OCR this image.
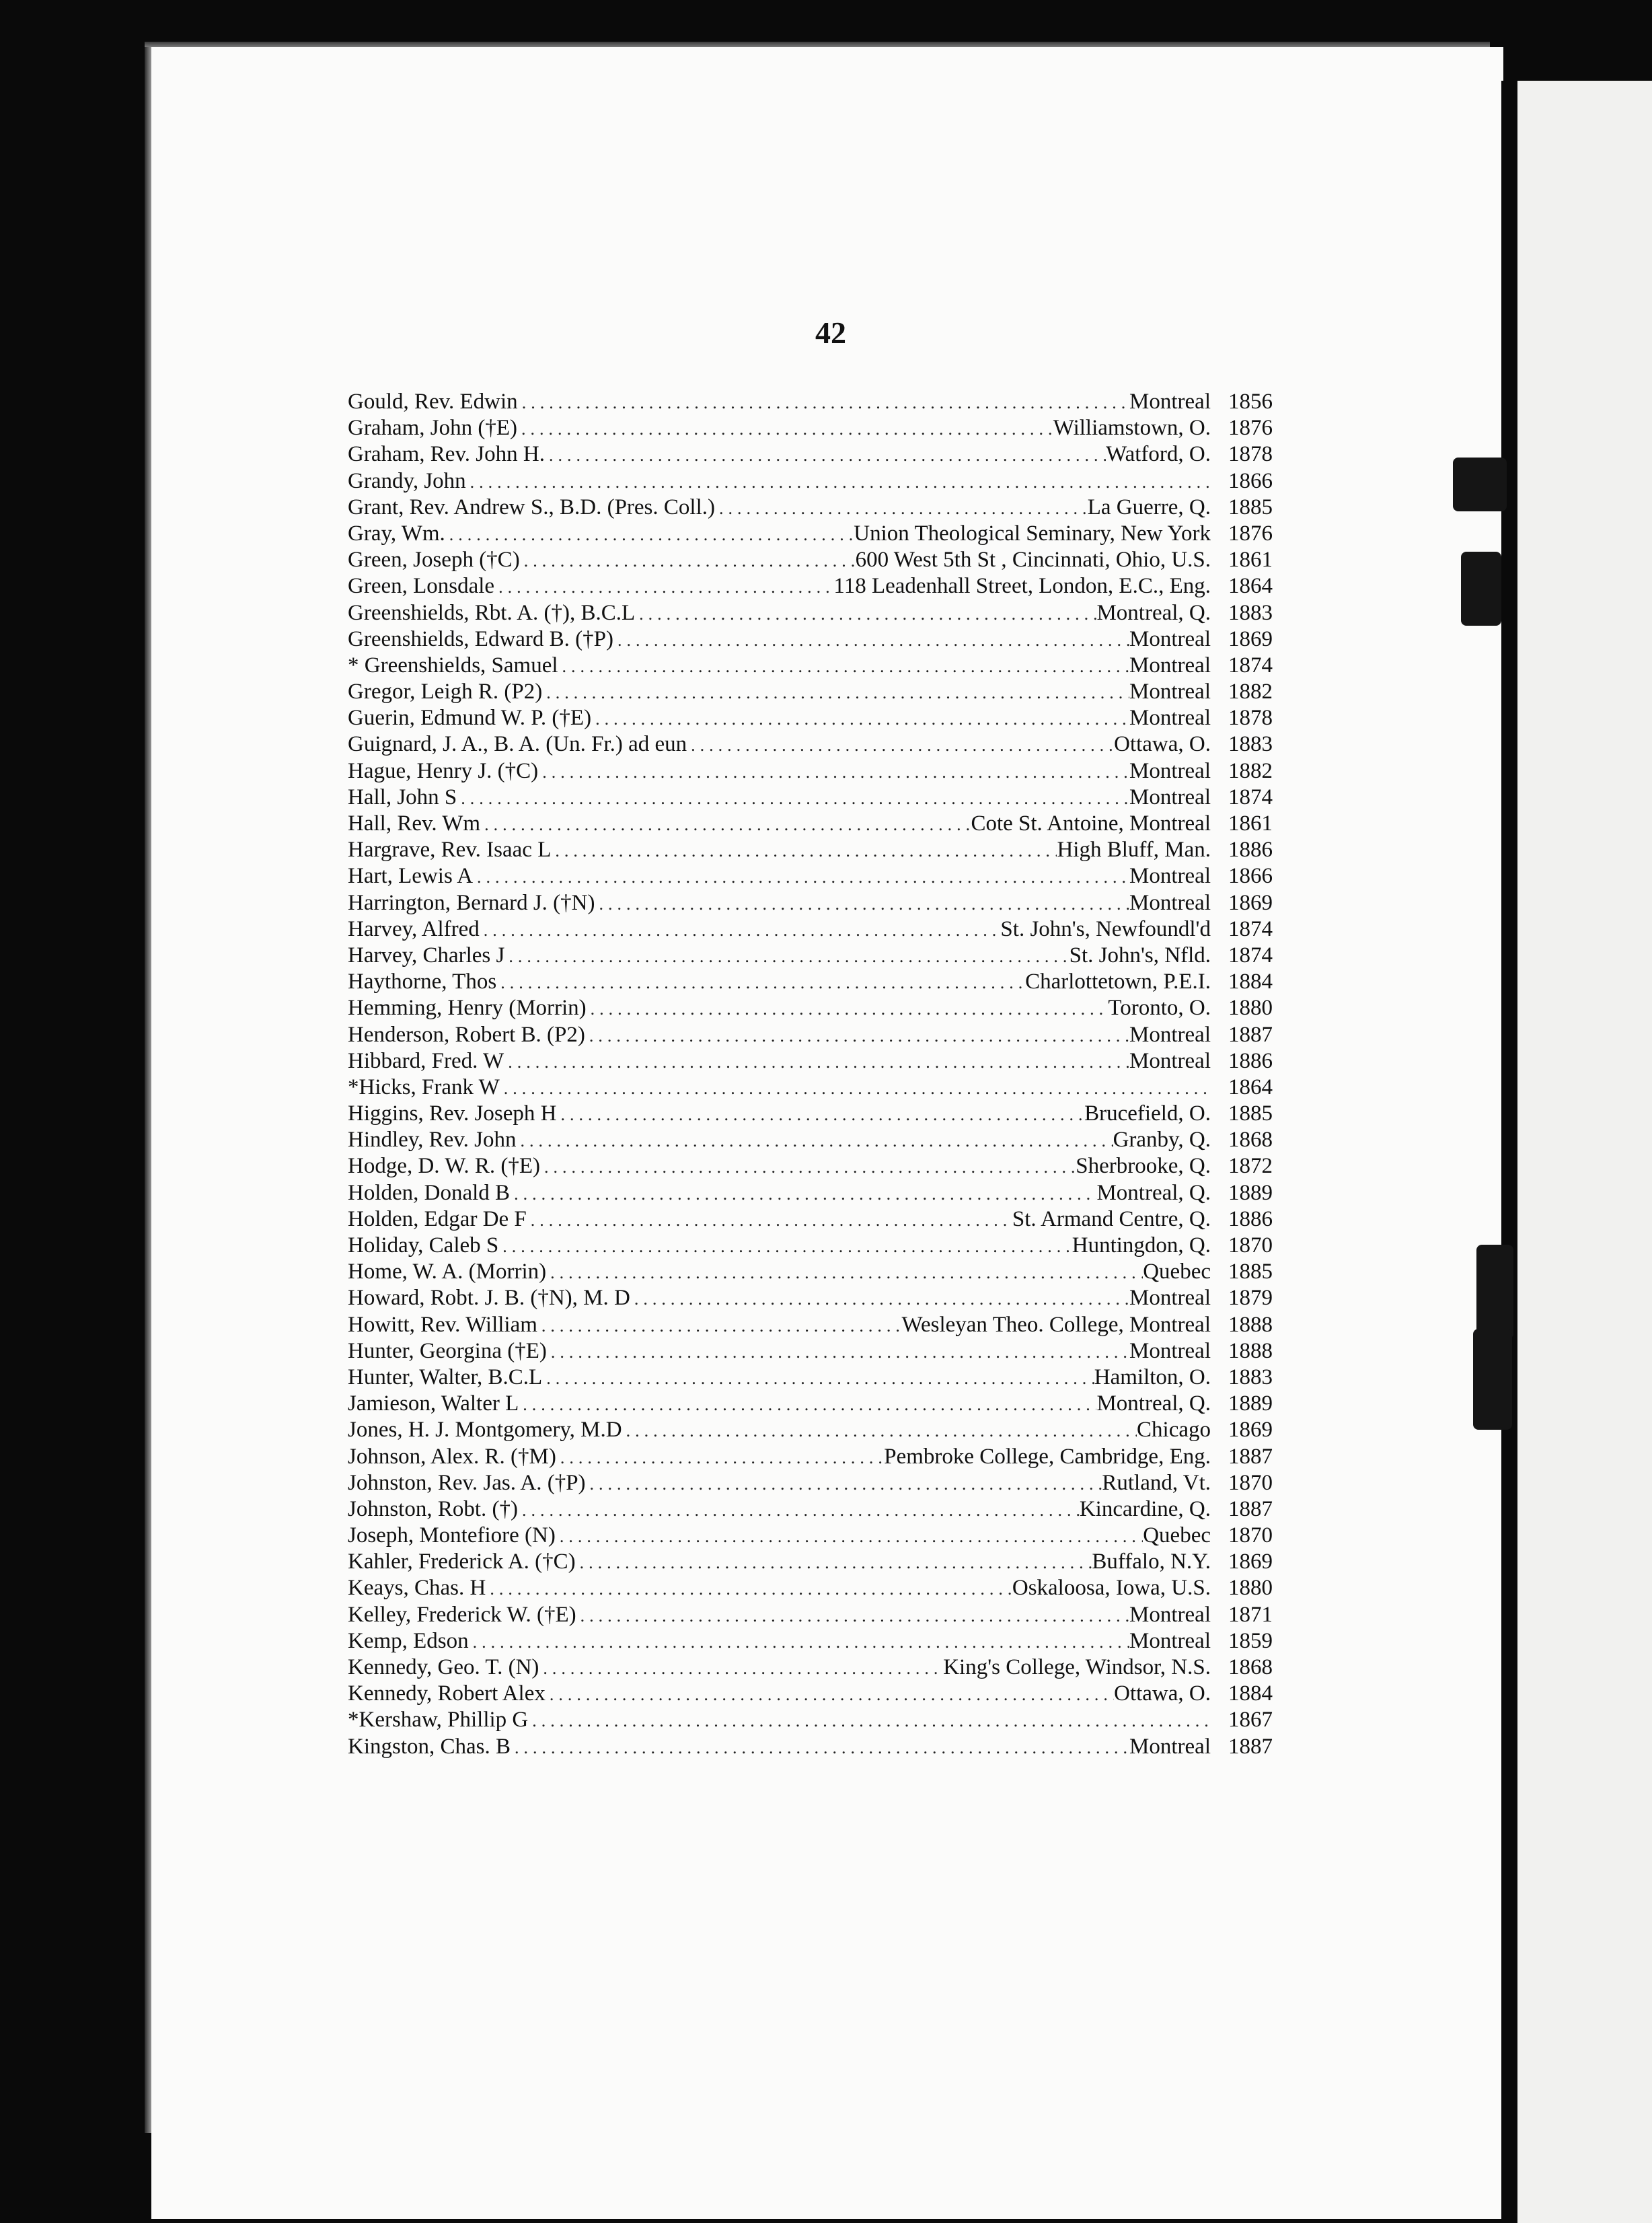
42
Gould, Rev. Edwin .....	Montreal 1856
Graham, John (†E) .....	Williamstown, O. 1876
Graham, Rev. John H. .....	Watford, O. 1878
Grandy, John .....	1866
Grant, Rev. Andrew S., B.D. (Pres. Coll.) .....	La Guerre, Q. 1885
Gray, Wm. .....	Union Theological Seminary, New York 1876
Green, Joseph (†C) .....	600 West 5th St , Cincinnati, Ohio, U.S. 1861
Green, Lonsdale .....	118 Leadenhall Street, London, E.C., Eng. 1864
Greenshields, Rbt. A. (†), B.C.L .....	Montreal, Q. 1883
Greenshields, Edward B. (†P) .....	Montreal 1869
* Greenshields, Samuel .....	Montreal 1874
Gregor, Leigh R. (P2) .....	Montreal 1882
Guerin, Edmund W. P. (†E) .....	Montreal 1878
Guignard, J. A., B. A. (Un. Fr.) ad eun .....	Ottawa, O. 1883
Hague, Henry J. (†C) .....	Montreal 1882
Hall, John S .....	Montreal 1874
Hall, Rev. Wm .....	Cote St. Antoine, Montreal 1861
Hargrave, Rev. Isaac L .....	High Bluff, Man. 1886
Hart, Lewis A .....	Montreal 1866
Harrington, Bernard J. (†N) .....	Montreal 1869
Harvey, Alfred .....	St. John's, Newfoundl'd 1874
Harvey, Charles J .....	St. John's, Nfld. 1874
Haythorne, Thos .....	Charlottetown, P.E.I. 1884
Hemming, Henry (Morrin) .....	Toronto, O. 1880
Henderson, Robert B. (P2) .....	Montreal 1887
Hibbard, Fred. W .....	Montreal 1886
*Hicks, Frank W .....	1864
Higgins, Rev. Joseph H .....	Brucefield, O. 1885
Hindley, Rev. John .....	Granby, Q. 1868
Hodge, D. W. R. (†E) .....	Sherbrooke, Q. 1872
Holden, Donald B .....	Montreal, Q. 1889
Holden, Edgar De F .....	St. Armand Centre, Q. 1886
Holiday, Caleb S .....	Huntingdon, Q. 1870
Home, W. A. (Morrin) .....	Quebec 1885
Howard, Robt. J. B. (†N), M. D .....	Montreal 1879
Howitt, Rev. William .....	Wesleyan Theo. College, Montreal 1888
Hunter, Georgina (†E) .....	Montreal 1888
Hunter, Walter, B.C.L .....	Hamilton, O. 1883
Jamieson, Walter L .....	Montreal, Q. 1889
Jones, H. J. Montgomery, M.D .....	Chicago 1869
Johnson, Alex. R. (†M) .....	Pembroke College, Cambridge, Eng. 1887
Johnston, Rev. Jas. A. (†P) .....	Rutland, Vt. 1870
Johnston, Robt. (†) .....	Kincardine, Q. 1887
Joseph, Montefiore (N) .....	Quebec 1870
Kahler, Frederick A. (†C) .....	Buffalo, N.Y. 1869
Keays, Chas. H .....	Oskaloosa, Iowa, U.S. 1880
Kelley, Frederick W. (†E) .....	Montreal 1871
Kemp, Edson .....	Montreal 1859
Kennedy, Geo. T. (N) .....	King's College, Windsor, N.S. 1868
Kennedy, Robert Alex .....	Ottawa, O. 1884
*Kershaw, Phillip G .....	1867
Kingston, Chas. B .....	Montreal 1887
